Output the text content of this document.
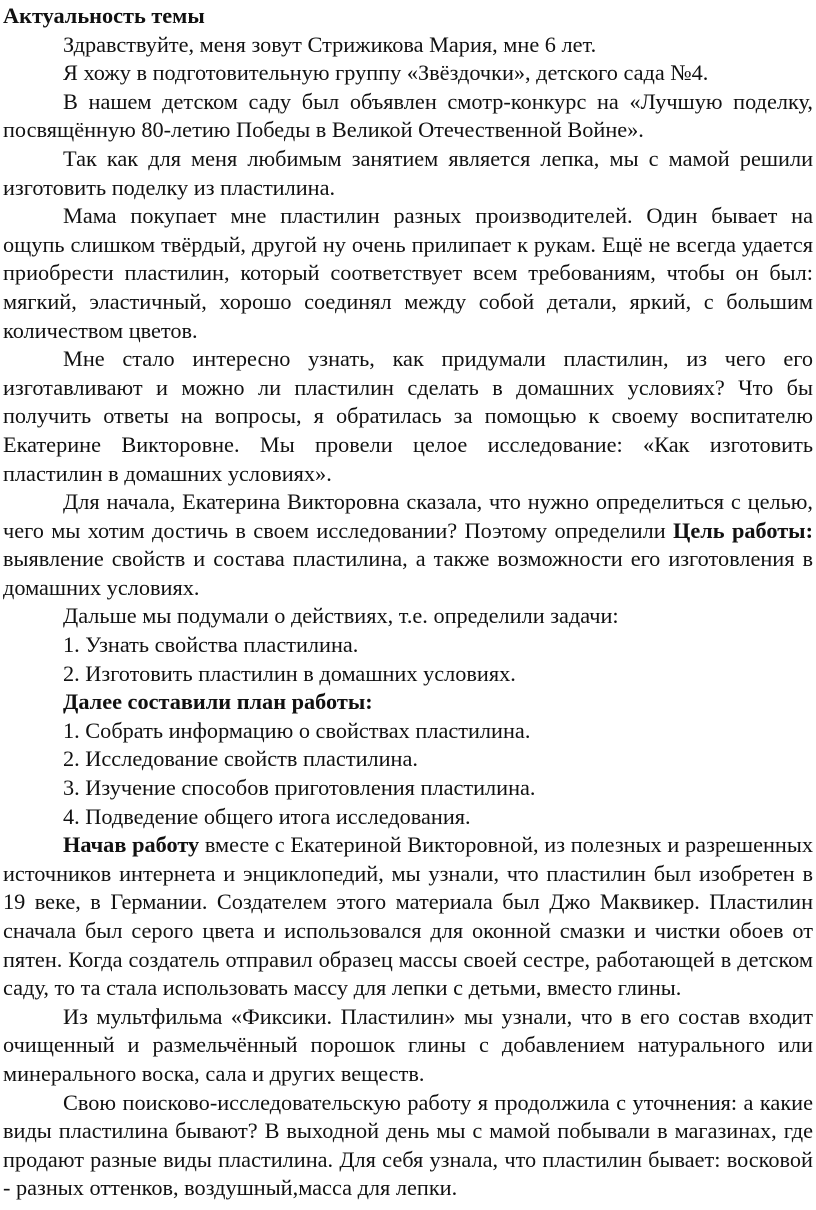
Актуальность темы

Здравствуйте, меня зовут Стрижикова Мария, мне 6 лет.

Я хожу в подготовительную группу «Звёздочки», детского сада №4.

В нашем детском саду был объявлен смотр-конкурс на «Лучшую поделку, посвящённую 80-летию Победы в Великой Отечественной Войне».

Так как для меня любимым занятием является лепка, мы с мамой решили изготовить поделку из пластилина.

Мама покупает мне пластилин разных производителей. Один бывает на ощупь слишком твёрдый, другой ну очень прилипает к рукам. Ещё не всегда удается приобрести пластилин, который соответствует всем требованиям, чтобы он был: мягкий, эластичный, хорошо соединял между собой детали, яркий, с большим количеством цветов.

Мне стало интересно узнать, как придумали пластилин, из чего его изготавливают и можно ли пластилин сделать в домашних условиях? Что бы получить ответы на вопросы, я обратилась за помощью к своему воспитателю Екатерине Викторовне. Мы провели целое исследование: «Как изготовить пластилин в домашних условиях».

Для начала, Екатерина Викторовна сказала, что нужно определиться с целью, чего мы хотим достичь в своем исследовании? Поэтому определили Цель работы: выявление свойств и состава пластилина, а также возможности его изготовления в домашних условиях.

Дальше мы подумали о действиях, т.е. определили задачи:

1. Узнать свойства пластилина.
2. Изготовить пластилин в домашних условиях.
Далее составили план работы:
1. Собрать информацию о свойствах пластилина.
2. Исследование свойств пластилина.
3. Изучение способов приготовления пластилина.
4. Подведение общего итога исследования.

Начав работу вместе с Екатериной Викторовной, из полезных и разрешенных источников интернета и энциклопедий, мы узнали, что пластилин был изобретен в 19 веке, в Германии. Создателем этого материала был Джо Маквикер. Пластилин сначала был серого цвета и использовался для оконной смазки и чистки обоев от пятен. Когда создатель отправил образец массы своей сестре, работающей в детском саду, то та стала использовать массу для лепки с детьми, вместо глины.

Из мультфильма «Фиксики. Пластилин» мы узнали, что в его состав входит очищенный и размельчённый порошок глины с добавлением натурального или минерального воска, сала и других веществ.

Свою поисково-исследовательскую работу я продолжила с уточнения: а какие виды пластилина бывают? В выходной день мы с мамой побывали в магазинах, где продают разные виды пластилина. Для себя узнала, что пластилин бывает: восковой - разных оттенков, воздушный,масса для лепки.
